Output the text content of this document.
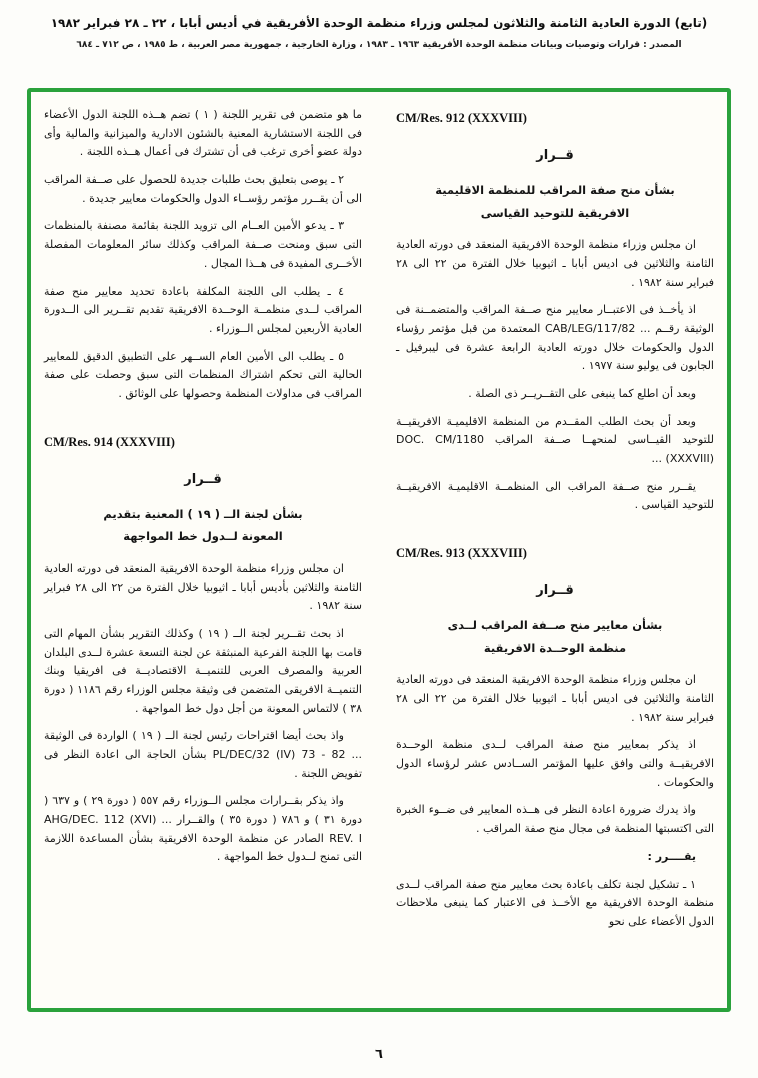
(تابع) الدورة العادية الثامنة والثلاثون لمجلس وزراء منظمة الوحدة الأفريقية في أديس أبابا ، ٢٢ ـ ٢٨ فبراير ١٩٨٢
المصدر : قرارات وتوصيات وبيانات منظمة الوحدة الأفريقية ١٩٦٣ ـ ١٩٨٣ ، وزارة الخارجية ، جمهورية مصر العربية ، ط ١٩٨٥ ، ص ٧١٢ ـ ٦٨٤
CM/Res. 912 (XXXVIII)
قــرار
بشأن منح صفة المراقب للمنظمة الاقليمية
الافريقية للتوحيد القياسى

ان مجلس وزراء منظمة الوحدة الافريقية المنعقد فى دورته العادية الثامنة والثلاثين فى اديس أبابا ـ اثيوبيا خلال الفترة من ٢٢ الى ٢٨ فبراير سنة ١٩٨٢ .

اذ يأخــذ فى الاعتبــار معايير منح صــفة المراقب والمتضمــنة فى الوثيقة رقــم ... CAB/LEG/117/82 المعتمدة من قبل مؤتمر رؤساء الدول والحكومات خلال دورته العادية الرابعة عشرة فى ليبرفيل ـ الجابون فى يوليو سنة ١٩٧٧ .

وبعد أن اطلع كما ينبغى على التقــريــر ذى الصلة .

وبعد أن بحث الطلب المقــدم من المنظمة الاقليميـة الافريقيــة للتوحيد القيــاسى لمنحهــا صــفة المراقب DOC. CM/1180 (XXXVIII) ...

يقــرر منح صــفة المراقب الى المنظمــة الاقليميـة الافريقيــة للتوحيد القياسى .

CM/Res. 913 (XXXVIII)
قــرار
بشأن معايير منح صــفة المراقب لــدى
منظمة الوحــدة الافريقية

ان مجلس وزراء منظمة الوحدة الافريقية المنعقد فى دورته العادية الثامنة والثلاثين فى اديس أبابا ـ اثيوبيا خلال الفترة من ٢٢ الى ٢٨ فبراير سنة ١٩٨٢ .

اذ يذكر بمعايير منح صفة المراقب لــدى منظمة الوحــدة الافريقيــة والتى وافق عليها المؤتمر الســادس عشر لرؤساء الدول والحكومات .

واذ يدرك ضرورة اعادة النظر فى هــذه المعايير فى ضــوء الخبرة التى اكتسبتها المنظمة فى مجال منح صفة المراقب .

يقــــرر :

١ ـ تشكيل لجنة تكلف باعادة بحث معايير منح صفة المراقب لــدى منظمة الوحدة الافريقية مع الأخــذ فى الاعتبار كما ينبغى ملاحظات الدول الأعضاء على نحو

ما هو متضمن فى تقرير اللجنة ( ١ ) تضم هــذه اللجنة الدول الأعضاء فى اللجنة الاستشارية المعنية بالشئون الادارية والميزانية والمالية وأى دولة عضو أخرى ترغب فى أن تشترك فى أعمال هــذه اللجنة .

٢ ـ يوصى بتعليق بحث طلبات جديدة للحصول على صــفة المراقب الى أن يقــرر مؤتمر رؤســاء الدول والحكومات معايير جديدة .

٣ ـ يدعو الأمين العــام الى تزويد اللجنة بقائمة مصنفة بالمنظمات التى سبق ومنحت صــفة المراقب وكذلك سائر المعلومات المفصلة الأخــرى المفيدة فى هــذا المجال .

٤ ـ يطلب الى اللجنة المكلفة باعادة تحديد معايير منح صفة المراقب لــدى منظمــة الوحــدة الافريقية تقديم تقــرير الى الــدورة العادية الأربعين لمجلس الــوزراء .

٥ ـ يطلب الى الأمين العام الســهر على التطبيق الدقيق للمعايير الحالية التى تحكم اشتراك المنظمات التى سبق وحصلت على صفة المراقب فى مداولات المنظمة وحصولها على الوثائق .

CM/Res. 914 (XXXVIII)
قــرار
بشأن لجنة الــ ( ١٩ ) المعنية بتقديم
المعونة لــدول خط المواجهة

ان مجلس وزراء منظمة الوحدة الافريقية المنعقد فى دورته العادية الثامنة والثلاثين بأديس أبابا ـ اثيوبيا خلال الفترة من ٢٢ الى ٢٨ فبراير سنة ١٩٨٢ .

اذ بحث تقــرير لجنة الــ ( ١٩ ) وكذلك التقرير بشأن المهام التى قامت بها اللجنة الفرعية المنبثقة عن لجنة التسعة عشرة لــدى البلدان العربية والمصرف العربى للتنميــة الاقتصاديــة فى افريقيا وبنك التنميــة الافريقى المتضمن فى وثيقة مجلس الوزراء رقم ١١٨٦ ( دورة ٣٨ ) لالتماس المعونة من أجل دول خط المواجهة .

واذ بحث أيضا اقتراحات رئيس لجنة الــ ( ١٩ ) الواردة فى الوثيقة ... PL/DEC/32 (IV) 73 - 82 بشأن الحاجة الى اعادة النظر فى تفويض اللجنة .

واذ يذكر بقــرارات مجلس الــوزراء رقم ٥٥٧ ( دورة ٢٩ ) و ٦٣٧ ( دورة ٣١ ) و ٧٨٦ ( دورة ٣٥ ) والقــرار ... AHG/DEC. 112 (XVI) REV. I الصادر عن منظمة الوحدة الافريقية بشأن المساعدة اللازمة التى تمنح لــدول خط المواجهة .

٦
